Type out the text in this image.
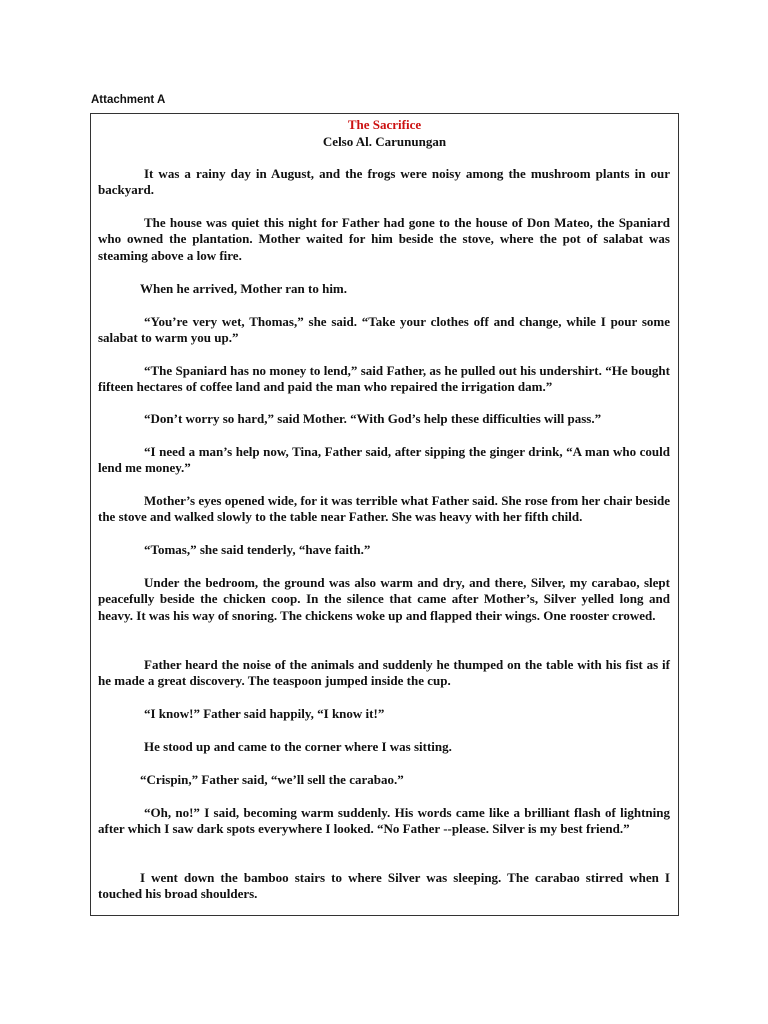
Attachment A
The Sacrifice
Celso Al. Carunungan
It was a rainy day in August, and the frogs were noisy among the mushroom plants in our backyard.
The house was quiet this night for Father had gone to the house of Don Mateo, the Spaniard who owned the plantation. Mother waited for him beside the stove, where the pot of salabat was steaming above a low fire.
When he arrived, Mother ran to him.
“You’re very wet, Thomas,” she said. “Take your clothes off and change, while I pour some salabat to warm you up.”
“The Spaniard has no money to lend,” said Father, as he pulled out his undershirt. “He bought fifteen hectares of coffee land and paid the man who repaired the irrigation dam.”
“Don’t worry so hard,” said Mother. “With God’s help these difficulties will pass.”
“I need a man’s help now, Tina, Father said, after sipping the ginger drink, “A man who could lend me money.”
Mother’s eyes opened wide, for it was terrible what Father said. She rose from her chair beside the stove and walked slowly to the table near Father. She was heavy with her fifth child.
“Tomas,” she said tenderly, “have faith.”
Under the bedroom, the ground was also warm and dry, and there, Silver, my carabao, slept peacefully beside the chicken coop. In the silence that came after Mother’s, Silver yelled long and heavy. It was his way of snoring. The chickens woke up and flapped their wings. One rooster crowed.
Father heard the noise of the animals and suddenly he thumped on the table with his fist as if he made a great discovery. The teaspoon jumped inside the cup.
“I know!” Father said happily, “I know it!”
He stood up and came to the corner where I was sitting.
“Crispin,” Father said, “we’ll sell the carabao.”
“Oh, no!” I said, becoming warm suddenly. His words came like a brilliant flash of lightning after which I saw dark spots everywhere I looked. “No Father --please. Silver is my best friend.”
I went down the bamboo stairs to where Silver was sleeping. The carabao stirred when I touched his broad shoulders.
